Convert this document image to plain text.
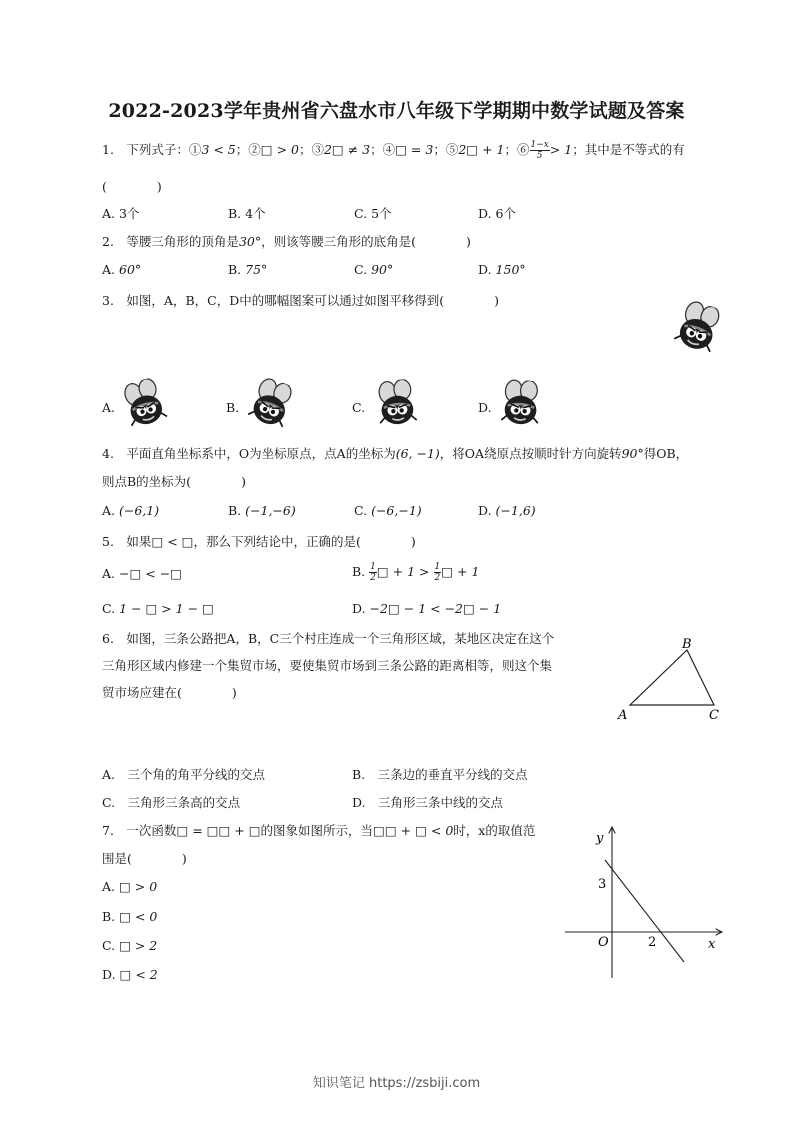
2022-2023学年贵州省六盘水市八年级下学期期中数学试题及答案
1.　下列式子：①3 < 5；②□ > 0；③2□ ≠ 3；④□ = 3；⑤2□ + 1；⑥ $\frac{1-x}{5} > 1$；其中是不等式的有
(　　　　)
A. 3个	B. 4个	C. 5个	D. 6个
2.　等腰三角形的顶角是30°，则该等腰三角形的底角是(　　　　)
A. 60°	B. 75°	C. 90°	D. 150°
3.　如图，A，B，C，D中的哪幅图案可以通过如图平移得到(　　　　)
A.	B.	C.	D.
4.　平面直角坐标系中，O为坐标原点，点A的坐标为(6, −1)，将OA绕原点按顺时针方向旋转90°得OB，
则点B的坐标为(　　　　)
A. (−6,1)	B. (−1,−6)	C. (−6,−1)	D. (−1,6)
5.　如果□ < □，那么下列结论中，正确的是(　　　　)
A. −□ < −□	B. $\frac{1}{2}$ □ + $1 > \frac{1}{2}$ □ + 1
C. 1 − □ > 1 − □	D. −2□ − 1 < −2□ − 1
6.　如图，三条公路把A，B，C三个村庄连成一个三角形区域，某地区决定在这个
三角形区域内修建一个集贸市场，要使集贸市场到三条公路的距离相等，则这个集
贸市场应建在(　　　　)
A
B
C
A.　三个角的角平分线的交点	B.　三条边的垂直平分线的交点
C.　三角形三条高的交点	D.　三角形三条中线的交点
7.　一次函数□ = □□ + □的图象如图所示，当□□ + □ < 0时，x的取值范
围是(　　　　)
A. □ > 0
B. □ < 0
C. □ > 2
D. □ < 2
y
x
O
3
2
知识笔记 https://zsbiji.com
